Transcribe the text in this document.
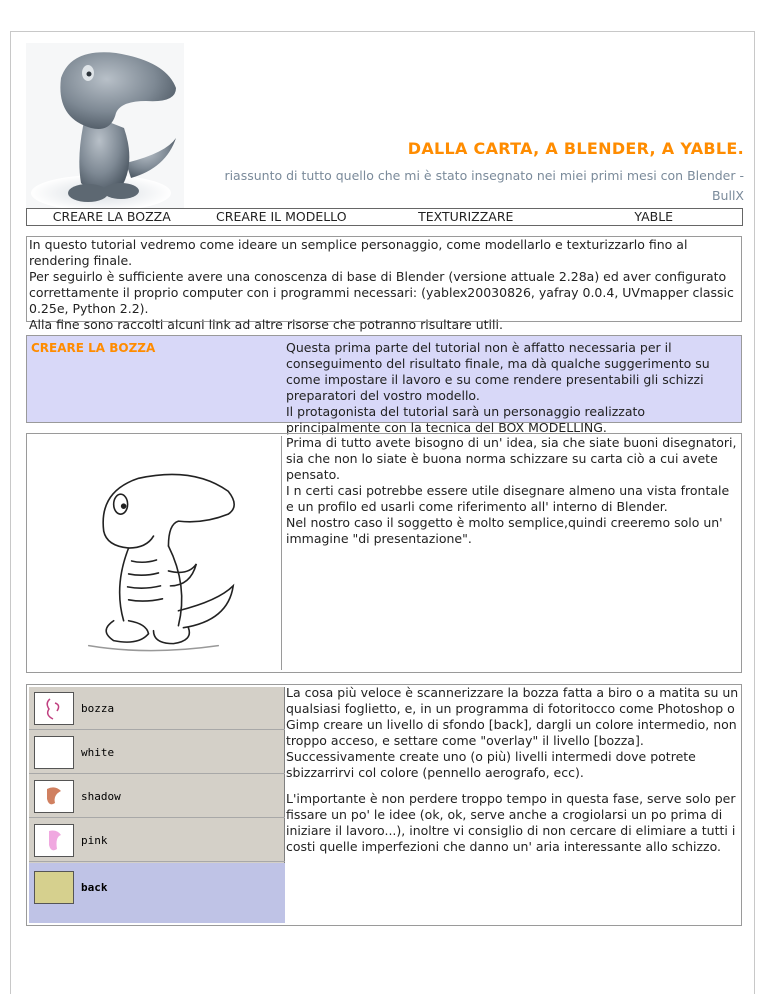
DALLA CARTA, A BLENDER, A YABLE.
riassunto di tutto quello che mi è stato insegnato nei miei primi mesi con Blender -
BullX
CREARE LA BOZZA	CREARE IL MODELLO	TEXTURIZZARE	YABLE

In questo tutorial vedremo come ideare un semplice personaggio, come modellarlo e texturizzarlo fino al rendering finale.

Per seguirlo è sufficiente avere una conoscenza di base di Blender (versione attuale 2.28a) ed aver configurato correttamente il proprio computer con i programmi necessari: (yablex20030826, yafray 0.0.4, UVmapper classic 0.25e, Python 2.2).

Alla fine sono raccolti alcuni link ad altre risorse che potranno risultare utili.

CREARE LA BOZZA	Questa prima parte del tutorial non è affatto necessaria per il conseguimento del risultato finale, ma dà qualche suggerimento su come impostare il lavoro e su come rendere presentabili gli schizzi preparatori del vostro modello.
Il protagonista del tutorial sarà un personaggio realizzato principalmente con la tecnica del BOX MODELLING.
Prima di tutto avete bisogno di un' idea, sia che siate buoni disegnatori, sia che non lo siate è buona norma schizzare su carta ciò a cui avete pensato.
I n certi casi potrebbe essere utile disegnare almeno una vista frontale e un profilo ed usarli come riferimento all' interno di Blender.
Nel nostro caso il soggetto è molto semplice,quindi creeremo solo un' immagine "di presentazione".
bozza
white
shadow
pink
back

La cosa più veloce è scannerizzare la bozza fatta a biro o a matita su un qualsiasi foglietto, e, in un programma di fotoritocco come Photoshop o Gimp creare un livello di sfondo [back], dargli un colore intermedio, non troppo acceso, e settare come "overlay" il livello [bozza].
Successivamente create uno (o più) livelli intermedi dove potrete sbizzarrirvi col colore (pennello aerografo, ecc).

L'importante è non perdere troppo tempo in questa fase, serve solo per fissare un po' le idee (ok, ok, serve anche a crogiolarsi un po prima di iniziare il lavoro...), inoltre vi consiglio di non cercare di elimiare a tutti i costi quelle imperfezioni che danno un' aria interessante allo schizzo.
